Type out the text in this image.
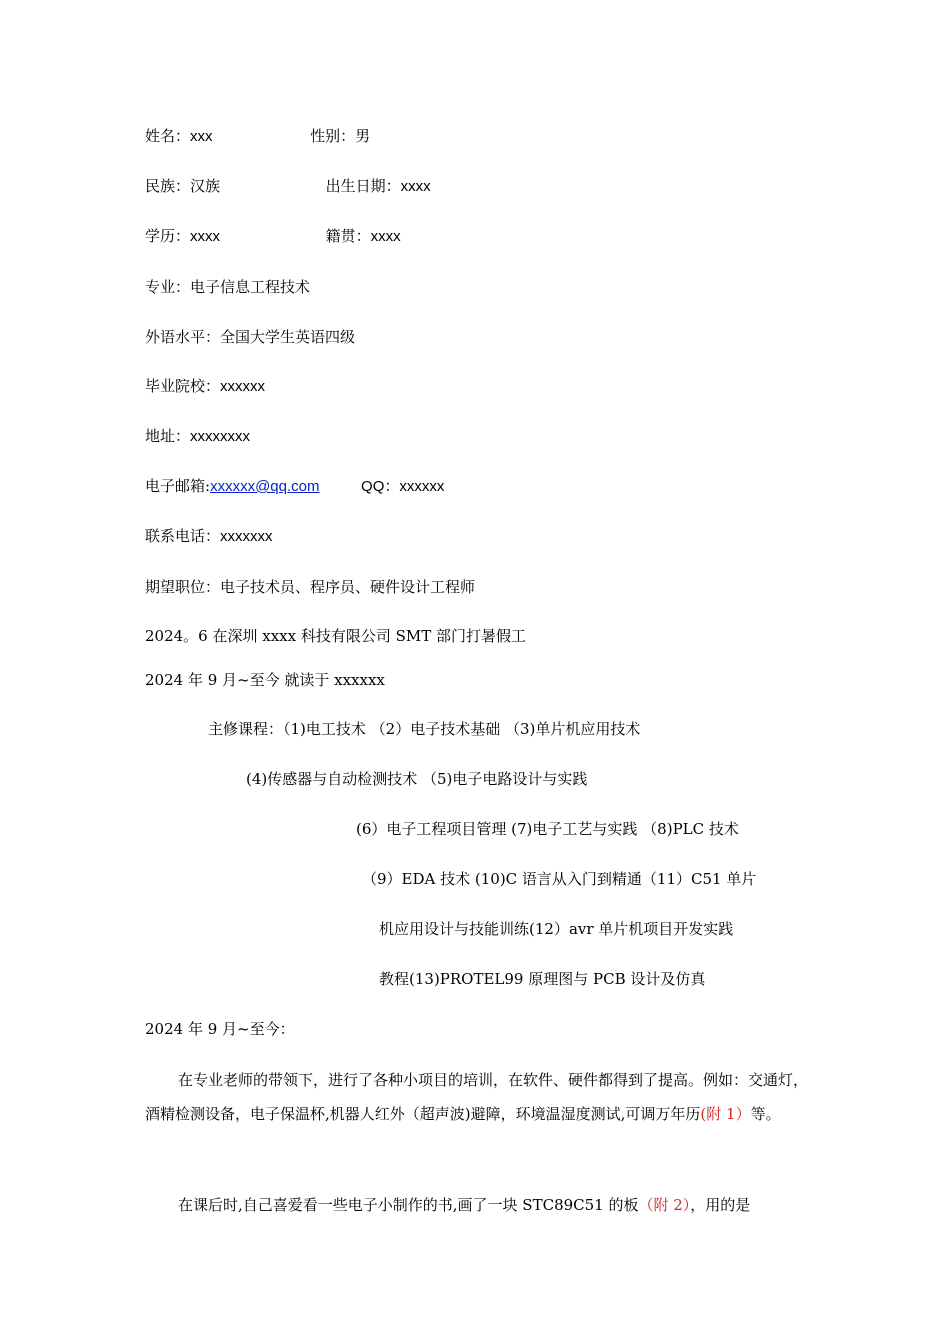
姓名：xxx	性别：男
民族：汉族	出生日期：xxxx
学历：xxxx	籍贯：xxxx
专业：电子信息工程技术
外语水平：全国大学生英语四级
毕业院校：xxxxxx
地址：xxxxxxxx
电子邮箱:xxxxxx@qq.com	QQ：xxxxxx
联系电话：xxxxxxx
期望职位：电子技术员、程序员、硬件设计工程师
2024。6 在深圳 xxxx 科技有限公司 SMT 部门打暑假工
2024 年 9 月~至今 就读于 xxxxxx
主修课程：（1)电工技术 （2）电子技术基础 （3)单片机应用技术
(4)传感器与自动检测技术 （5)电子电路设计与实践
(6）电子工程项目管理 (7)电子工艺与实践 （8)PLC 技术
（9）EDA 技术 (10)C 语言从入门到精通（11）C51 单片
机应用设计与技能训练(12）avr 单片机项目开发实践
教程(13)PROTEL99 原理图与 PCB 设计及仿真
2024 年 9 月~至今：
在专业老师的带领下，进行了各种小项目的培训，在软件、硬件都得到了提高。例如：交通灯，酒精检测设备，电子保温杯,机器人红外（超声波)避障，环境温湿度测试,可调万年历(附 1）等。
在课后时,自己喜爱看一些电子小制作的书,画了一块 STC89C51 的板（附 2），用的是
